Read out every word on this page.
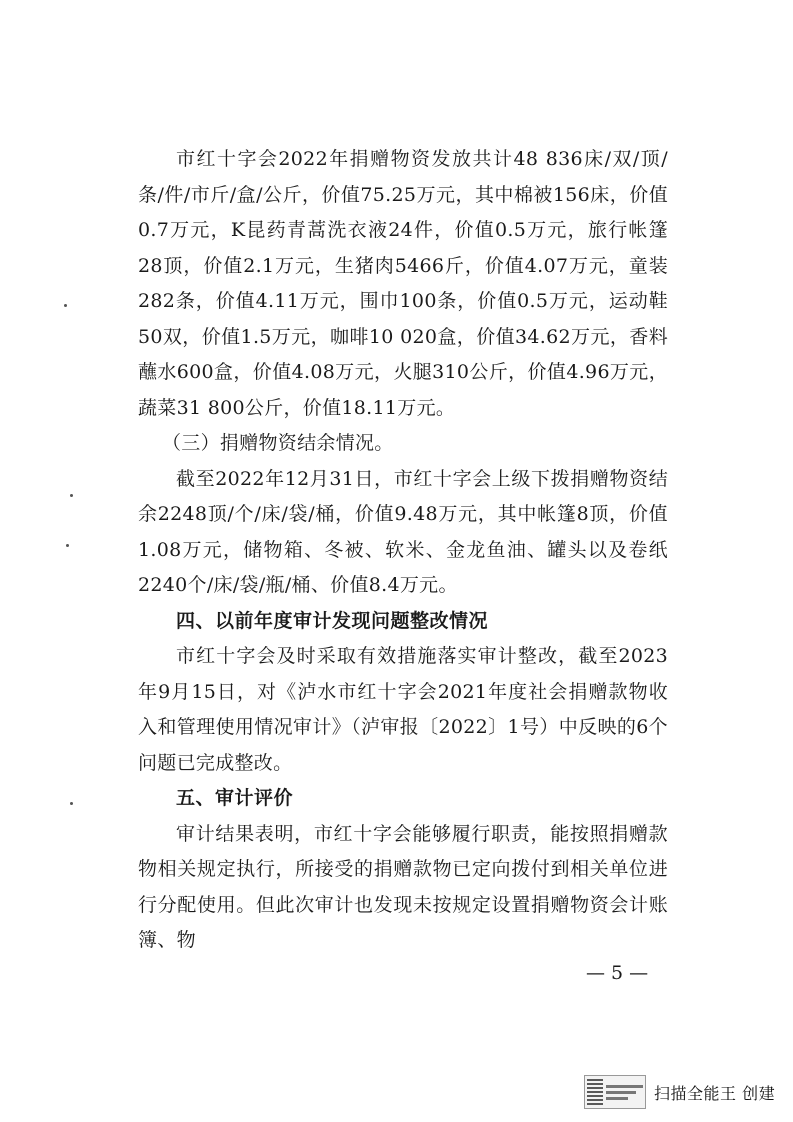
市红十字会2022年捐赠物资发放共计48 836床/双/顶/条/件/市斤/盒/公斤，价值75.25万元，其中棉被156床，价值0.7万元，K昆药青蒿洗衣液24件，价值0.5万元，旅行帐篷28顶，价值2.1万元，生猪肉5466斤，价值4.07万元，童装282条，价值4.11万元，围巾100条，价值0.5万元，运动鞋50双，价值1.5万元，咖啡10 020盒，价值34.62万元，香料蘸水600盒，价值4.08万元，火腿310公斤，价值4.96万元，蔬菜31 800公斤，价值18.11万元。

（三）捐赠物资结余情况。

截至2022年12月31日，市红十字会上级下拨捐赠物资结余2248顶/个/床/袋/桶，价值9.48万元，其中帐篷8顶，价值1.08万元，储物箱、冬被、软米、金龙鱼油、罐头以及卷纸2240个/床/袋/瓶/桶、价值8.4万元。

四、以前年度审计发现问题整改情况

市红十字会及时采取有效措施落实审计整改，截至2023年9月15日，对《泸水市红十字会2021年度社会捐赠款物收入和管理使用情况审计》（泸审报〔2022〕1号）中反映的6个问题已完成整改。

五、审计评价

审计结果表明，市红十字会能够履行职责，能按照捐赠款物相关规定执行，所接受的捐赠款物已定向拨付到相关单位进行分配使用。但此次审计也发现未按规定设置捐赠物资会计账簿、物

— 5 —
扫描全能王 创建
